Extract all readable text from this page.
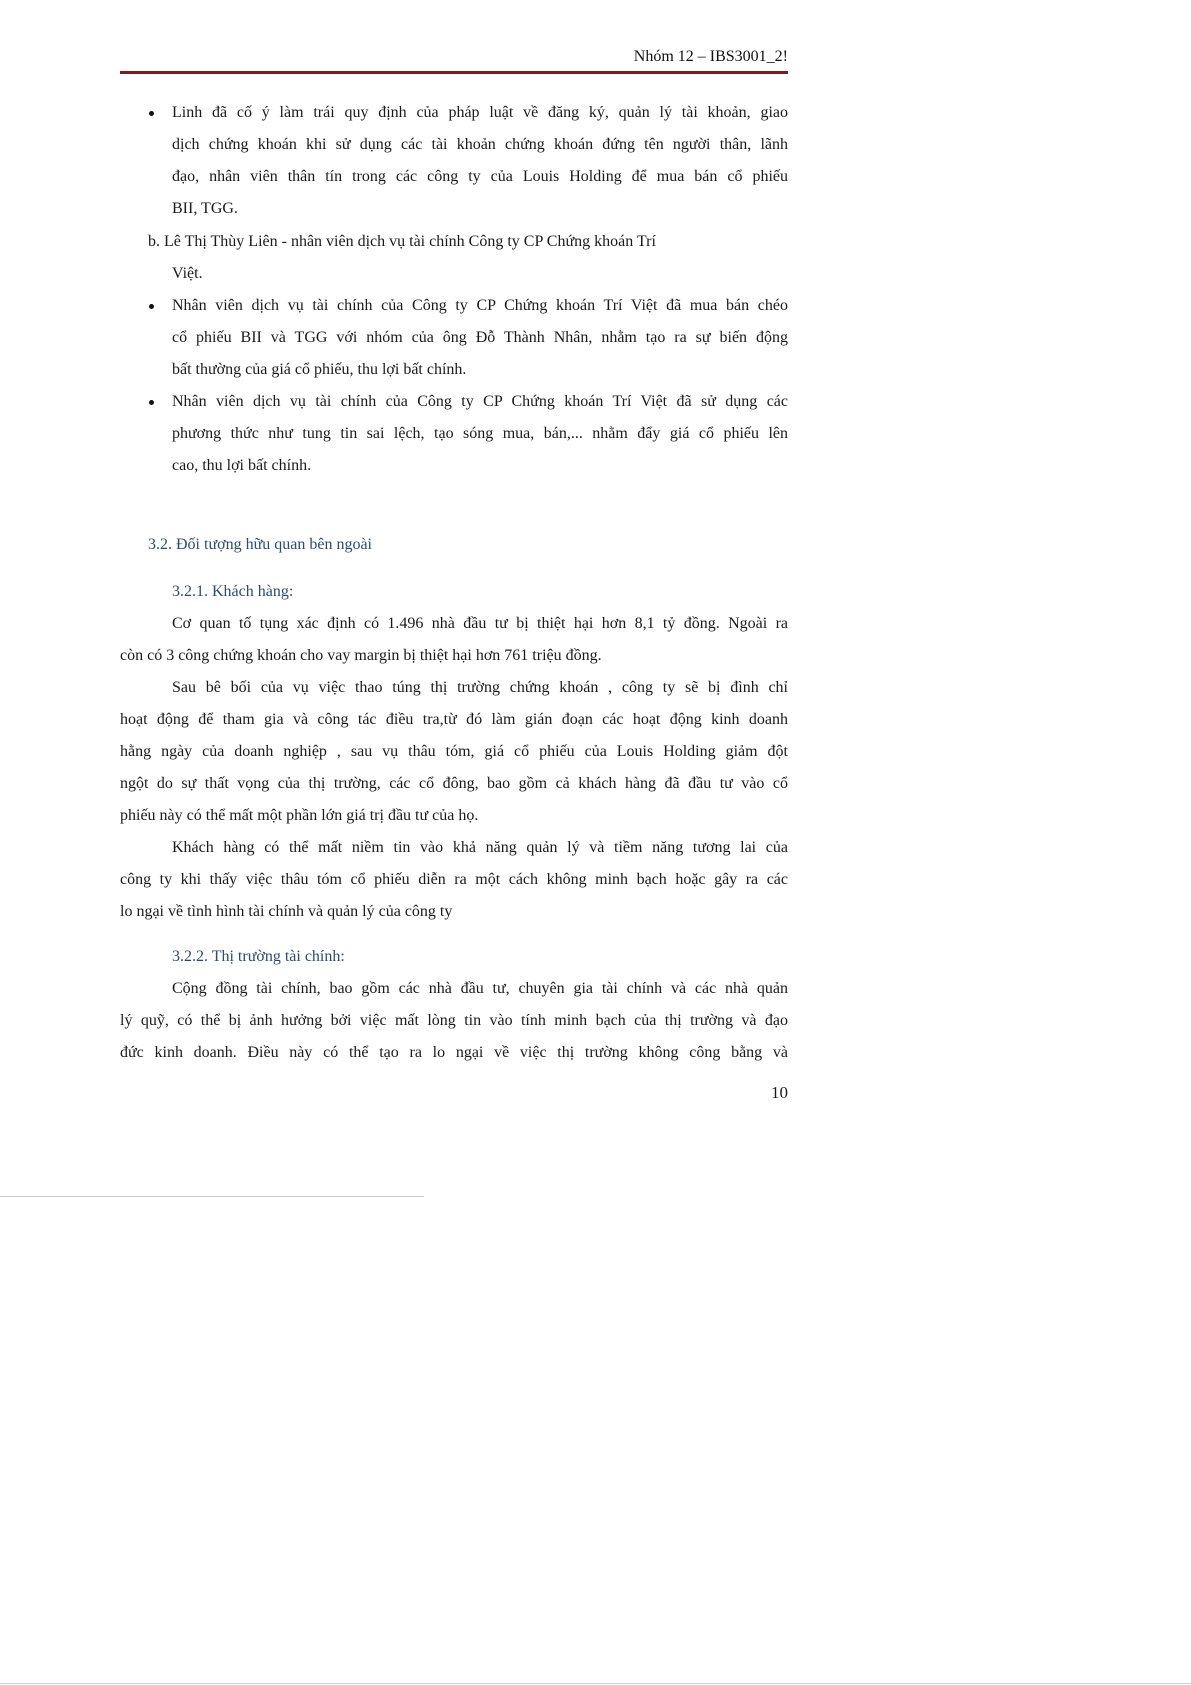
Nhóm 12 – IBS3001_2!
Linh đã cố ý làm trái quy định của pháp luật về đăng ký, quản lý tài khoản, giao
dịch chứng khoán khi sử dụng các tài khoản chứng khoán đứng tên người thân, lãnh
đạo, nhân viên thân tín trong các công ty của Louis Holding để mua bán cổ phiếu
BII, TGG.
b. Lê Thị Thùy Liên - nhân viên dịch vụ tài chính Công ty CP Chứng khoán Trí
Việt.
Nhân viên dịch vụ tài chính của Công ty CP Chứng khoán Trí Việt đã mua bán chéo
cổ phiếu BII và TGG với nhóm của ông Đỗ Thành Nhân, nhằm tạo ra sự biến động
bất thường của giá cổ phiếu, thu lợi bất chính.
Nhân viên dịch vụ tài chính của Công ty CP Chứng khoán Trí Việt đã sử dụng các
phương thức như tung tin sai lệch, tạo sóng mua, bán,... nhằm đẩy giá cổ phiếu lên
cao, thu lợi bất chính.
3.2. Đối tượng hữu quan bên ngoài
3.2.1. Khách hàng:
Cơ quan tố tụng xác định có 1.496 nhà đầu tư bị thiệt hại hơn 8,1 tỷ đồng. Ngoài ra
còn có 3 công chứng khoán cho vay margin bị thiệt hại hơn 761 triệu đồng.
Sau bê bối của vụ việc thao túng thị trường chứng khoán , công ty sẽ bị đình chỉ
hoạt động để tham gia và công tác điều tra,từ đó làm gián đoạn các hoạt động kinh doanh
hằng ngày của doanh nghiệp , sau vụ thâu tóm, giá cổ phiếu của Louis Holding giảm đột
ngột do sự thất vọng của thị trường, các cổ đông, bao gồm cả khách hàng đã đầu tư vào cổ
phiếu này có thể mất một phần lớn giá trị đầu tư của họ.
Khách hàng có thể mất niềm tin vào khả năng quản lý và tiềm năng tương lai của
công ty khi thấy việc thâu tóm cổ phiếu diễn ra một cách không minh bạch hoặc gây ra các
lo ngại về tình hình tài chính và quản lý của công ty
3.2.2. Thị trường tài chính:
Cộng đồng tài chính, bao gồm các nhà đầu tư, chuyên gia tài chính và các nhà quản
lý quỹ, có thể bị ảnh hưởng bởi việc mất lòng tin vào tính minh bạch của thị trường và đạo
đức kinh doanh. Điều này có thể tạo ra lo ngại về việc thị trường không công bằng và
10
